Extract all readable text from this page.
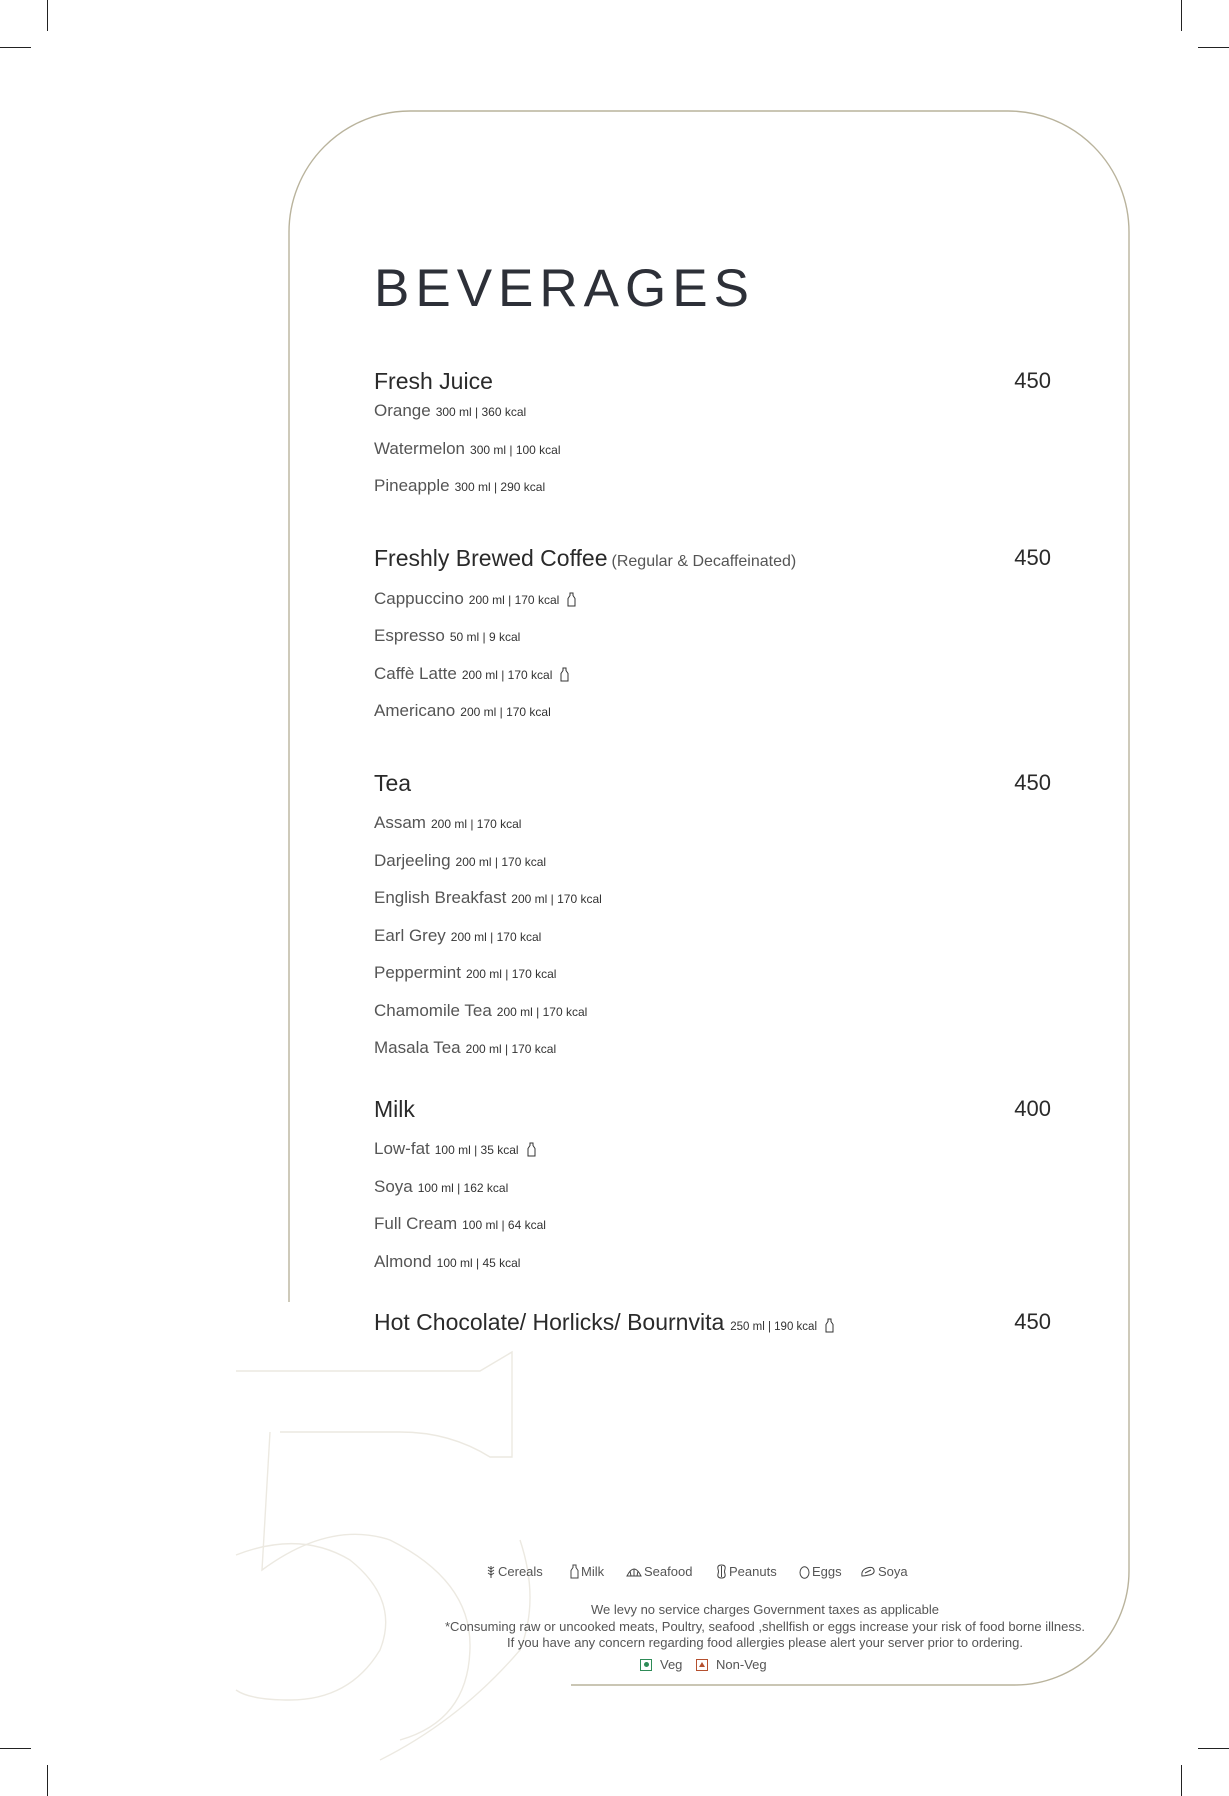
BEVERAGES
Fresh Juice	450
Orange 300 ml | 360 kcal
Watermelon 300 ml | 100 kcal
Pineapple 300 ml | 290 kcal
Freshly Brewed Coffee (Regular & Decaffeinated)	450
Cappuccino 200 ml | 170 kcal
Espresso 50 ml | 9 kcal
Caffè Latte 200 ml | 170 kcal
Americano 200 ml | 170 kcal
Tea	450
Assam 200 ml | 170 kcal
Darjeeling 200 ml | 170 kcal
English Breakfast 200 ml | 170 kcal
Earl Grey 200 ml | 170 kcal
Peppermint 200 ml | 170 kcal
Chamomile Tea 200 ml | 170 kcal
Masala Tea 200 ml | 170 kcal
Milk	400
Low-fat 100 ml | 35 kcal
Soya 100 ml | 162 kcal
Full Cream 100 ml | 64 kcal
Almond 100 ml | 45 kcal
Hot Chocolate/ Horlicks/ Bournvita 250 ml | 190 kcal	450
Cereals	Milk	Seafood	Peanuts	Eggs	Soya
We levy no service charges Government taxes as applicable
*Consuming raw or uncooked meats, Poultry, seafood ,shellfish or eggs increase your risk of food borne illness.
If you have any concern regarding food allergies please alert your server prior to ordering.
Veg	Non-Veg
